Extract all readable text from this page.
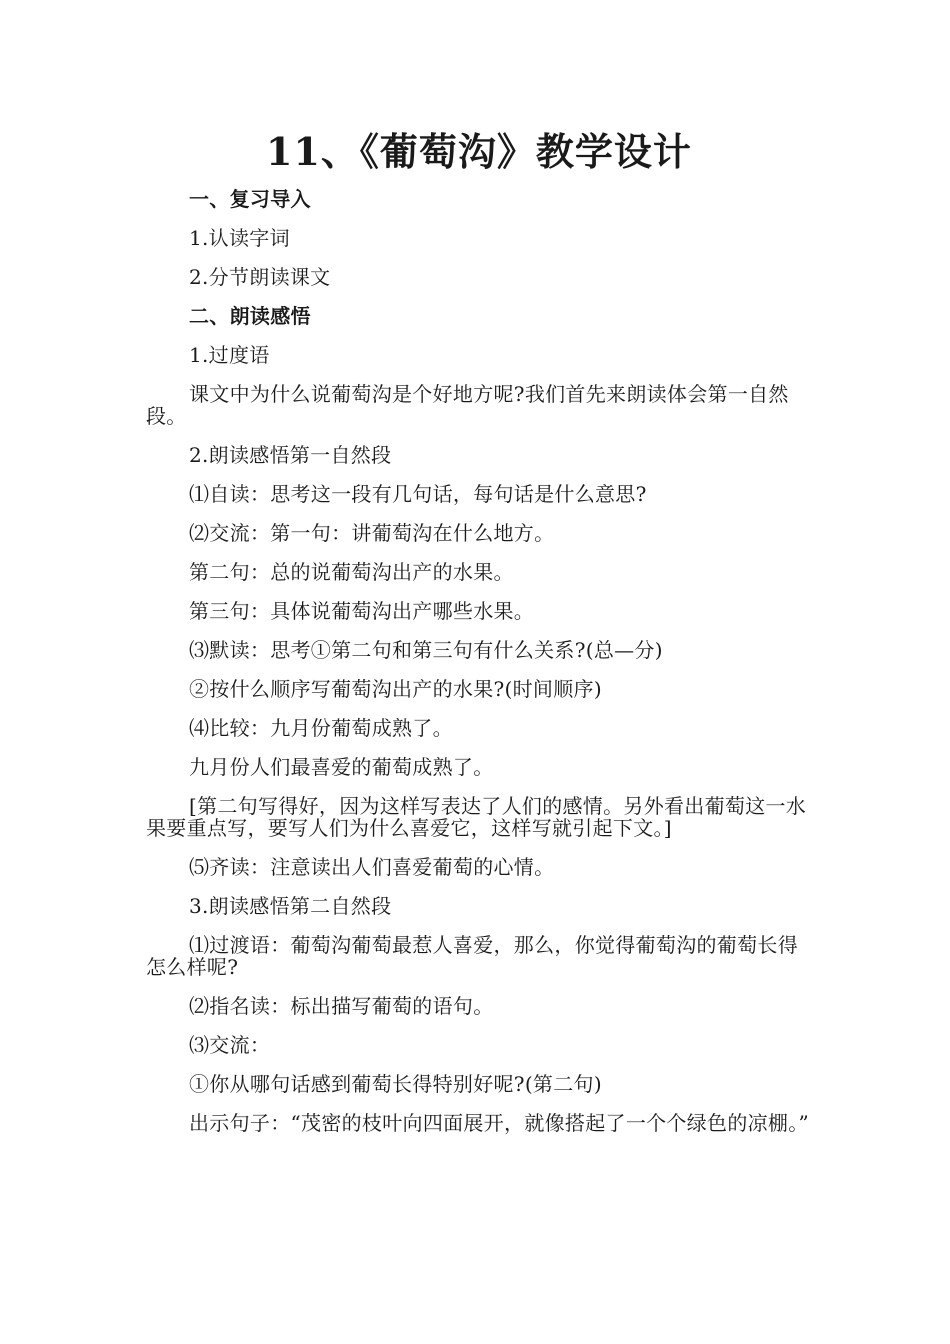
11、《葡萄沟》教学设计

一、复习导入

1.认读字词

2.分节朗读课文

二、朗读感悟

1.过度语

课文中为什么说葡萄沟是个好地方呢?我们首先来朗读体会第一自然段。

2.朗读感悟第一自然段

⑴自读：思考这一段有几句话，每句话是什么意思?

⑵交流：第一句：讲葡萄沟在什么地方。

第二句：总的说葡萄沟出产的水果。

第三句：具体说葡萄沟出产哪些水果。

⑶默读：思考①第二句和第三句有什么关系?(总—分)

②按什么顺序写葡萄沟出产的水果?(时间顺序)

⑷比较：九月份葡萄成熟了。

九月份人们最喜爱的葡萄成熟了。

[第二句写得好，因为这样写表达了人们的感情。另外看出葡萄这一水果要重点写，要写人们为什么喜爱它，这样写就引起下文。]

⑸齐读：注意读出人们喜爱葡萄的心情。

3.朗读感悟第二自然段

⑴过渡语：葡萄沟葡萄最惹人喜爱，那么，你觉得葡萄沟的葡萄长得怎么样呢?

⑵指名读：标出描写葡萄的语句。

⑶交流：

①你从哪句话感到葡萄长得特别好呢?(第二句)

出示句子：“茂密的枝叶向四面展开，就像搭起了一个个绿色的凉棚。”
